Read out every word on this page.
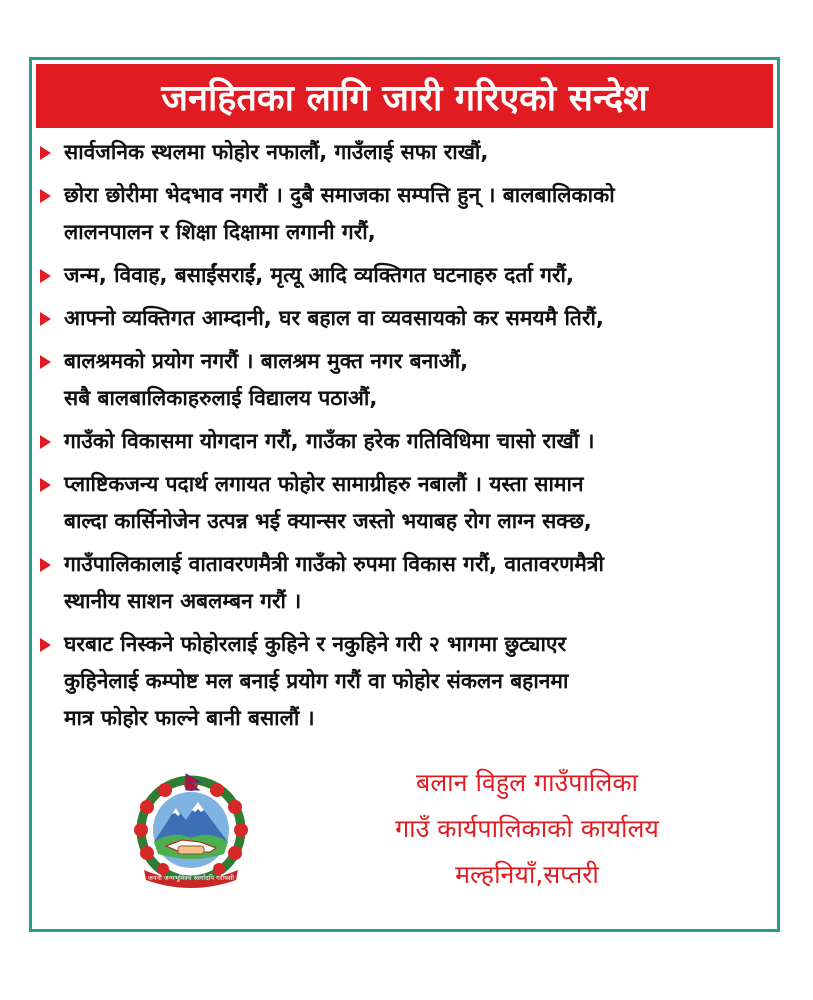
जनहितका लागि जारी गरिएको सन्देश
सार्वजनिक स्थलमा फोहोर नफालौं, गाउँलाई सफा राखौं,
छोरा छोरीमा भेदभाव नगरौं । दुबै समाजका सम्पत्ति हुन् । बालबालिकाको
लालनपालन र शिक्षा दिक्षामा लगानी गरौं,
जन्म, विवाह, बसाईंसराईं, मृत्यू आदि व्यक्तिगत घटनाहरु दर्ता गरौं,
आफ्नो व्यक्तिगत आम्दानी, घर बहाल वा व्यवसायको कर समयमै तिरौं,
बालश्रमको प्रयोग नगरौं । बालश्रम मुक्त नगर बनाऔं,
सबै बालबालिकाहरुलाई विद्यालय पठाऔं,
गाउँको विकासमा योगदान गरौं, गाउँका हरेक गतिविधिमा चासो राखौं ।
प्लाष्टिकजन्य पदार्थ लगायत फोहोर सामाग्रीहरु नबालौं । यस्ता सामान
बाल्दा कार्सिनोजेन उत्पन्न भई क्यान्सर जस्तो भयाबह रोग लाग्न सक्छ,
गाउँपालिकालाई वातावरणमैत्री गाउँको रुपमा विकास गरौं, वातावरणमैत्री
स्थानीय साशन अबलम्बन गरौं ।
घरबाट निस्कने फोहोरलाई कुहिने र नकुहिने गरी २ भागमा छुट्याएर
कुहिनेलाई कम्पोष्ट मल बनाई प्रयोग गरौं वा फोहोर संकलन बहानमा
मात्र फोहोर फाल्ने बानी बसालौं ।
जननी जन्मभूमिश्च स्वर्गादपि गरीयसी
बलान विहुल गाउँपालिका
गाउँ कार्यपालिकाको कार्यालय
मल्हनियाँ,सप्तरी
